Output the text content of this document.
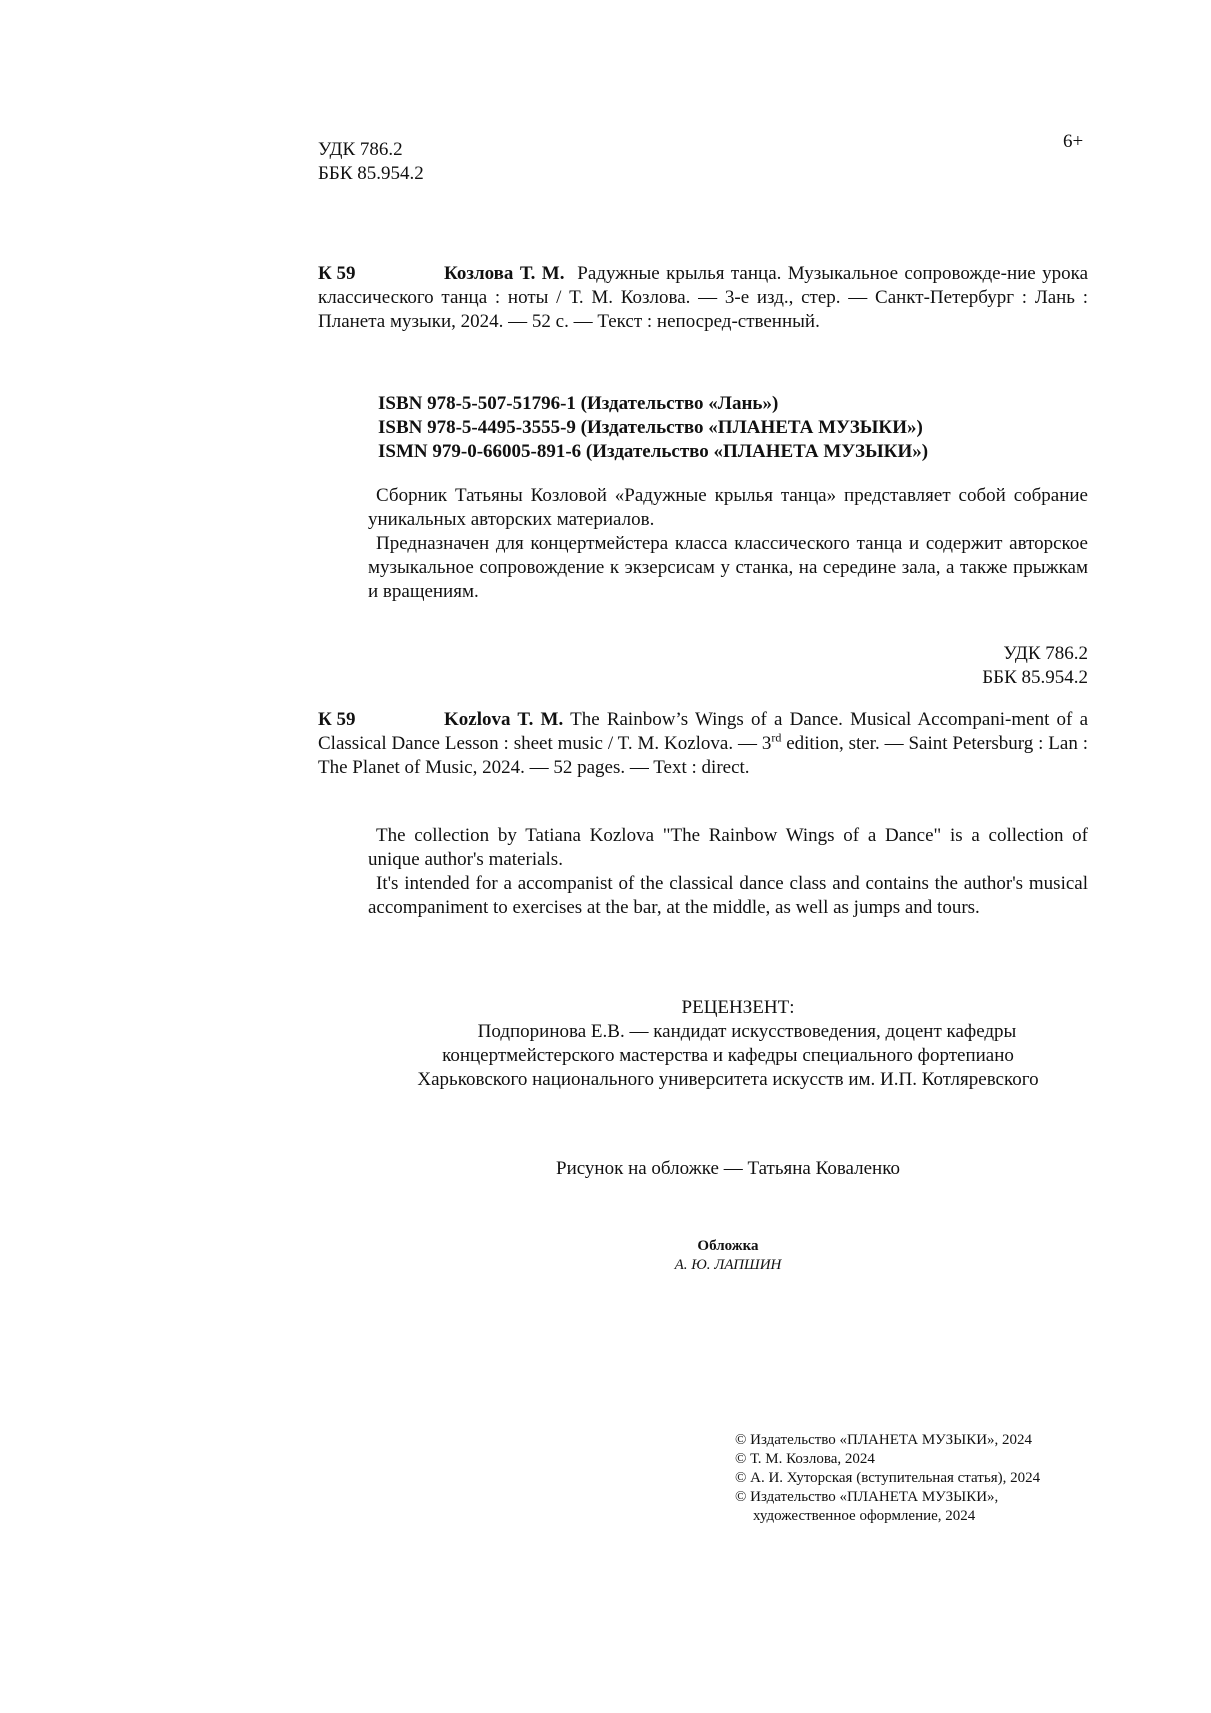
УДК 786.2
ББК 85.954.2
6+
К 59	Козлова Т. М. Радужные крылья танца. Музыкальное сопровожде-ние урока классического танца : ноты / Т. М. Козлова. — 3-е изд., стер. — Санкт-Петербург : Лань : Планета музыки, 2024. — 52 с. — Текст : непосред-ственный.
ISBN 978-5-507-51796-1 (Издательство «Лань»)
ISBN 978-5-4495-3555-9 (Издательство «ПЛАНЕТА МУЗЫКИ»)
ISMN 979-0-66005-891-6 (Издательство «ПЛАНЕТА МУЗЫКИ»)

Сборник Татьяны Козловой «Радужные крылья танца» представляет собой собрание уникальных авторских материалов.

Предназначен для концертмейстера класса классического танца и содержит авторское музыкальное сопровождение к экзерсисам у станка, на середине зала, а также прыжкам и вращениям.

УДК 786.2
ББК 85.954.2
К 59	Kozlova T. M. The Rainbow’s Wings of a Dance. Musical Accompani-ment of a Classical Dance Lesson : sheet music / T. M. Kozlova. — 3rd edition, ster. — Saint Petersburg : Lan : The Planet of Music, 2024. — 52 pages. — Text : direct.

The collection by Tatiana Kozlova "The Rainbow Wings of a Dance" is a collection of unique author's materials.

It's intended for a accompanist of the classical dance class and contains the author's musical accompaniment to exercises at the bar, at the middle, as well as jumps and tours.

РЕЦЕНЗЕНТ:
Подпоринова Е.В. — кандидат искусствоведения, доцент кафедры
концертмейстерского мастерства и кафедры специального фортепиано
Харьковского национального университета искусств им. И.П. Котляревского
Рисунок на обложке — Татьяна Коваленко
Обложка
А. Ю. ЛАПШИН
© Издательство «ПЛАНЕТА МУЗЫКИ», 2024
© Т. М. Козлова, 2024
© А. И. Хуторская (вступительная статья), 2024
© Издательство «ПЛАНЕТА МУЗЫКИ»,
художественное оформление, 2024
